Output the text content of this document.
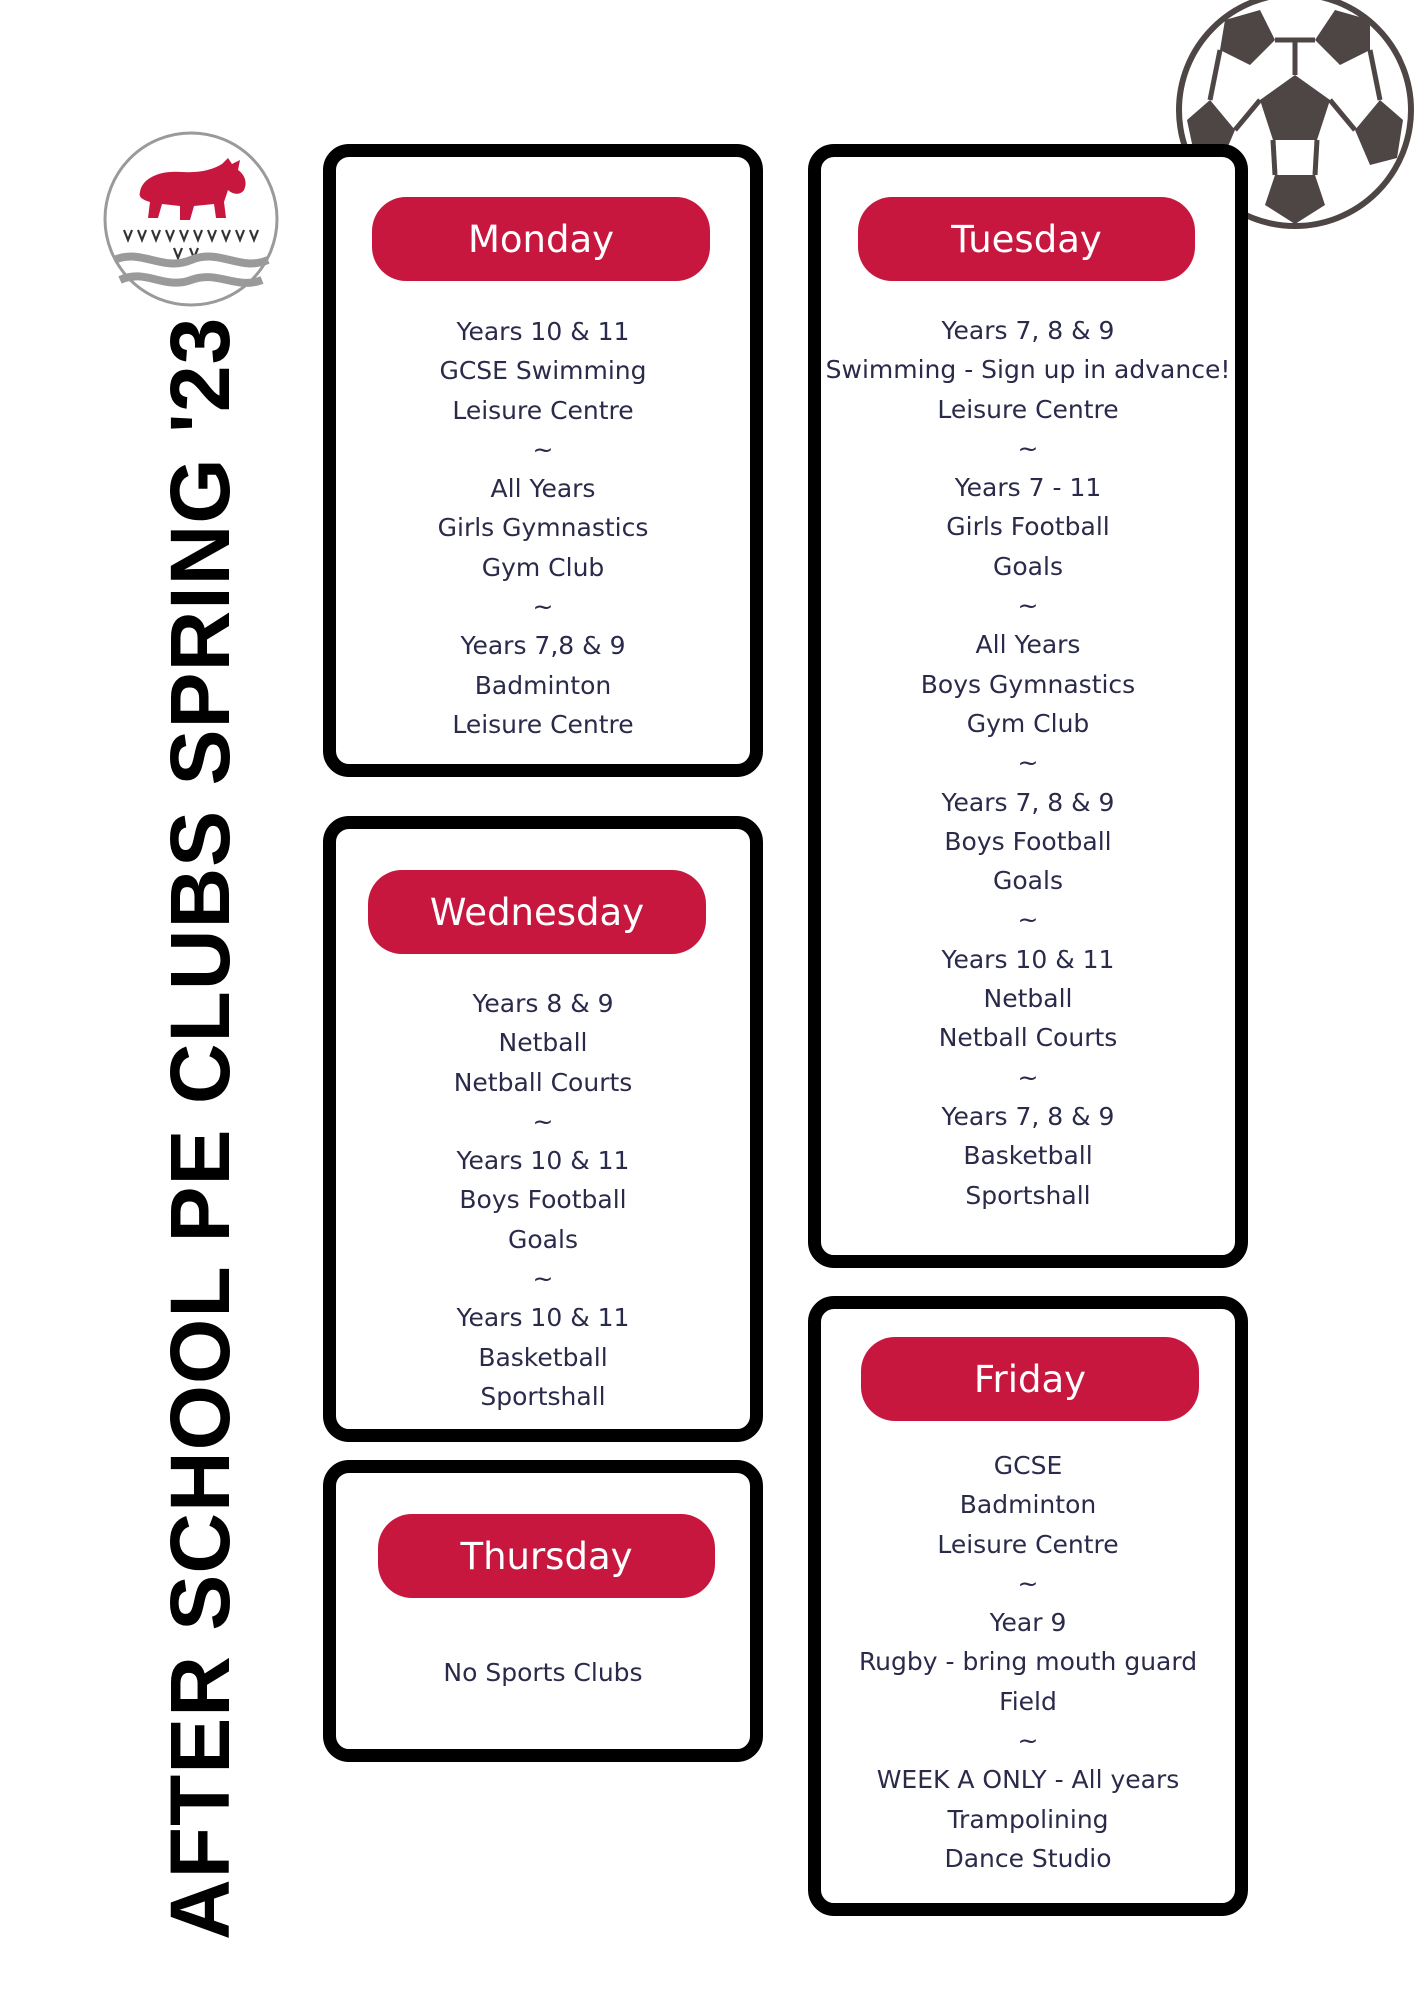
AFTER SCHOOL PE CLUBS SPRING '23
Monday
Years 10 & 11
GCSE Swimming
Leisure Centre
~
All Years
Girls Gymnastics
Gym Club
~
Years 7,8 & 9
Badminton
Leisure Centre
Tuesday
Years 7, 8 & 9
Swimming - Sign up in advance!
Leisure Centre
~
Years 7 - 11
Girls Football
Goals
~
All Years
Boys Gymnastics
Gym Club
~
Years 7, 8 & 9
Boys Football
Goals
~
Years 10 & 11
Netball
Netball Courts
~
Years 7, 8 & 9
Basketball
Sportshall
Wednesday
Years 8 & 9
Netball
Netball Courts
~
Years 10 & 11
Boys Football
Goals
~
Years 10 & 11
Basketball
Sportshall
Thursday
No Sports Clubs
Friday
GCSE
Badminton
Leisure Centre
~
Year 9
Rugby - bring mouth guard
Field
~
WEEK A ONLY - All years
Trampolining
Dance Studio
